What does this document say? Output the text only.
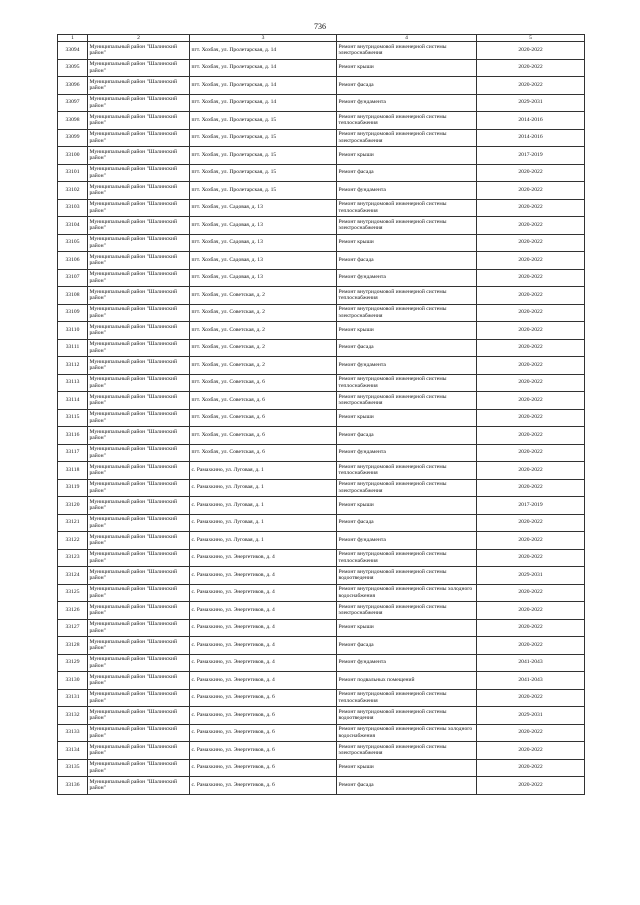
736
1	2	3	4	5
33094	Муниципальный район "Шалинский район"	пгт. Хохбач, ул. Пролетарская, д. 14	Ремонт внутридомовой инженерной системы электроснабжения	2020-2022
33095	Муниципальный район "Шалинский район"	пгт. Хохбач, ул. Пролетарская, д. 14	Ремонт крыши	2020-2022
33096	Муниципальный район "Шалинский район"	пгт. Хохбач, ул. Пролетарская, д. 14	Ремонт фасада	2020-2022
33097	Муниципальный район "Шалинский район"	пгт. Хохбач, ул. Пролетарская, д. 14	Ремонт фундамента	2029-2031
33098	Муниципальный район "Шалинский район"	пгт. Хохбач, ул. Пролетарская, д. 15	Ремонт внутридомовой инженерной системы теплоснабжения	2014-2016
33099	Муниципальный район "Шалинский район"	пгт. Хохбач, ул. Пролетарская, д. 15	Ремонт внутридомовой инженерной системы электроснабжения	2014-2016
33100	Муниципальный район "Шалинский район"	пгт. Хохбач, ул. Пролетарская, д. 15	Ремонт крыши	2017-2019
33101	Муниципальный район "Шалинский район"	пгт. Хохбач, ул. Пролетарская, д. 15	Ремонт фасада	2020-2022
33102	Муниципальный район "Шалинский район"	пгт. Хохбач, ул. Пролетарская, д. 15	Ремонт фундамента	2020-2022
33103	Муниципальный район "Шалинский район"	пгт. Хохбач, ул. Садовая, д. 13	Ремонт внутридомовой инженерной системы теплоснабжения	2020-2022
33104	Муниципальный район "Шалинский район"	пгт. Хохбач, ул. Садовая, д. 13	Ремонт внутридомовой инженерной системы электроснабжения	2020-2022
33105	Муниципальный район "Шалинский район"	пгт. Хохбач, ул. Садовая, д. 13	Ремонт крыши	2020-2022
33106	Муниципальный район "Шалинский район"	пгт. Хохбач, ул. Садовая, д. 13	Ремонт фасада	2020-2022
33107	Муниципальный район "Шалинский район"	пгт. Хохбач, ул. Садовая, д. 13	Ремонт фундамента	2020-2022
33108	Муниципальный район "Шалинский район"	пгт. Хохбач, ул. Советская, д. 2	Ремонт внутридомовой инженерной системы теплоснабжения	2020-2022
33109	Муниципальный район "Шалинский район"	пгт. Хохбач, ул. Советская, д. 2	Ремонт внутридомовой инженерной системы электроснабжения	2020-2022
33110	Муниципальный район "Шалинский район"	пгт. Хохбач, ул. Советская, д. 2	Ремонт крыши	2020-2022
33111	Муниципальный район "Шалинский район"	пгт. Хохбач, ул. Советская, д. 2	Ремонт фасада	2020-2022
33112	Муниципальный район "Шалинский район"	пгт. Хохбач, ул. Советская, д. 2	Ремонт фундамента	2020-2022
33113	Муниципальный район "Шалинский район"	пгт. Хохбач, ул. Советская, д. 6	Ремонт внутридомовой инженерной системы теплоснабжения	2020-2022
33114	Муниципальный район "Шалинский район"	пгт. Хохбач, ул. Советская, д. 6	Ремонт внутридомовой инженерной системы электроснабжения	2020-2022
33115	Муниципальный район "Шалинский район"	пгт. Хохбач, ул. Советская, д. 6	Ремонт крыши	2020-2022
33116	Муниципальный район "Шалинский район"	пгт. Хохбач, ул. Советская, д. 6	Ремонт фасада	2020-2022
33117	Муниципальный район "Шалинский район"	пгт. Хохбач, ул. Советская, д. 6	Ремонт фундамента	2020-2022
33118	Муниципальный район "Шалинский район"	с. Рамахкино, ул. Луговая, д. 1	Ремонт внутридомовой инженерной системы теплоснабжения	2020-2022
33119	Муниципальный район "Шалинский район"	с. Рамахкино, ул. Луговая, д. 1	Ремонт внутридомовой инженерной системы электроснабжения	2020-2022
33120	Муниципальный район "Шалинский район"	с. Рамахкино, ул. Луговая, д. 1	Ремонт крыши	2017-2019
33121	Муниципальный район "Шалинский район"	с. Рамахкино, ул. Луговая, д. 1	Ремонт фасада	2020-2022
33122	Муниципальный район "Шалинский район"	с. Рамахкино, ул. Луговая, д. 1	Ремонт фундамента	2020-2022
33123	Муниципальный район "Шалинский район"	с. Рамахкино, ул. Энергетиков, д. 4	Ремонт внутридомовой инженерной системы теплоснабжения	2020-2022
33124	Муниципальный район "Шалинский район"	с. Рамахкино, ул. Энергетиков, д. 4	Ремонт внутридомовой инженерной системы водоотведения	2029-2031
33125	Муниципальный район "Шалинский район"	с. Рамахкино, ул. Энергетиков, д. 4	Ремонт внутридомовой инженерной системы холодного водоснабжения	2020-2022
33126	Муниципальный район "Шалинский район"	с. Рамахкино, ул. Энергетиков, д. 4	Ремонт внутридомовой инженерной системы электроснабжения	2020-2022
33127	Муниципальный район "Шалинский район"	с. Рамахкино, ул. Энергетиков, д. 4	Ремонт крыши	2020-2022
33128	Муниципальный район "Шалинский район"	с. Рамахкино, ул. Энергетиков, д. 4	Ремонт фасада	2020-2022
33129	Муниципальный район "Шалинский район"	с. Рамахкино, ул. Энергетиков, д. 4	Ремонт фундамента	2041-2043
33130	Муниципальный район "Шалинский район"	с. Рамахкино, ул. Энергетиков, д. 4	Ремонт подвальных помещений	2041-2043
33131	Муниципальный район "Шалинский район"	с. Рамахкино, ул. Энергетиков, д. 6	Ремонт внутридомовой инженерной системы теплоснабжения	2020-2022
33132	Муниципальный район "Шалинский район"	с. Рамахкино, ул. Энергетиков, д. 6	Ремонт внутридомовой инженерной системы водоотведения	2029-2031
33133	Муниципальный район "Шалинский район"	с. Рамахкино, ул. Энергетиков, д. 6	Ремонт внутридомовой инженерной системы холодного водоснабжения	2020-2022
33134	Муниципальный район "Шалинский район"	с. Рамахкино, ул. Энергетиков, д. 6	Ремонт внутридомовой инженерной системы электроснабжения	2020-2022
33135	Муниципальный район "Шалинский район"	с. Рамахкино, ул. Энергетиков, д. 6	Ремонт крыши	2020-2022
33136	Муниципальный район "Шалинский район"	с. Рамахкино, ул. Энергетиков, д. 6	Ремонт фасада	2020-2022
